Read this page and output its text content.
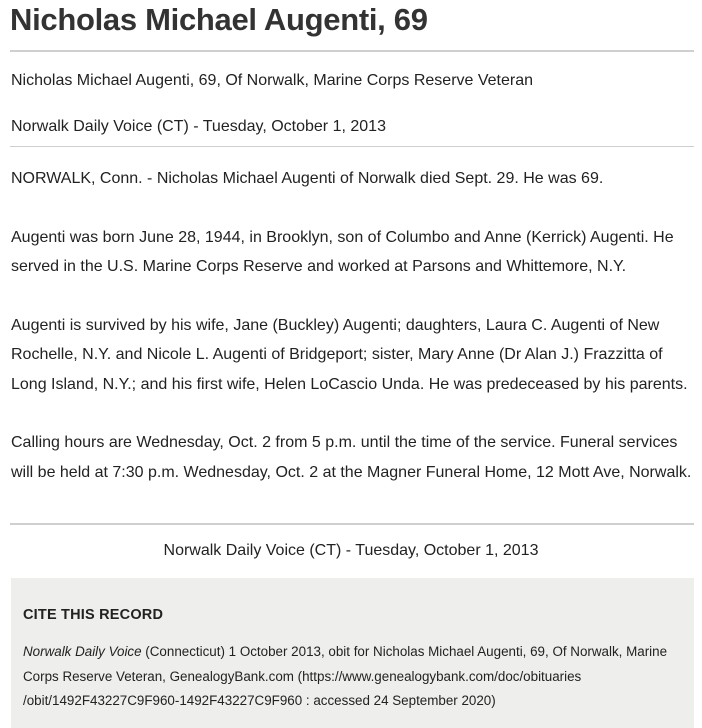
Nicholas Michael Augenti, 69
Nicholas Michael Augenti, 69, Of Norwalk, Marine Corps Reserve Veteran
Norwalk Daily Voice (CT) - Tuesday, October 1, 2013

NORWALK, Conn. - Nicholas Michael Augenti of Norwalk died Sept. 29. He was 69.

Augenti was born June 28, 1944, in Brooklyn, son of Columbo and Anne (Kerrick) Augenti. He served in the U.S. Marine Corps Reserve and worked at Parsons and Whittemore, N.Y.

Augenti is survived by his wife, Jane (Buckley) Augenti; daughters, Laura C. Augenti of New Rochelle, N.Y. and Nicole L. Augenti of Bridgeport; sister, Mary Anne (Dr Alan J.) Frazzitta of Long Island, N.Y.; and his first wife, Helen LoCascio Unda. He was predeceased by his parents.

Calling hours are Wednesday, Oct. 2 from 5 p.m. until the time of the service. Funeral services will be held at 7:30 p.m. Wednesday, Oct. 2 at the Magner Funeral Home, 12 Mott Ave, Norwalk.

Norwalk Daily Voice (CT) - Tuesday, October 1, 2013
CITE THIS RECORD
Norwalk Daily Voice (Connecticut) 1 October 2013, obit for Nicholas Michael Augenti, 69, Of Norwalk, Marine Corps Reserve Veteran, GenealogyBank.com (https://www.genealogybank.com/doc/obituaries /obit/1492F43227C9F960-1492F43227C9F960 : accessed 24 September 2020)
